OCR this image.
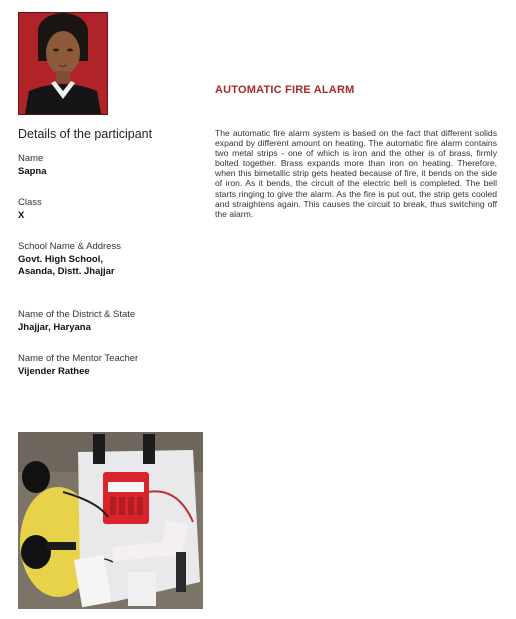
AUTOMATIC FIRE ALARM
Details of the participant
Name
Sapna
Class
X
School Name & Address
Govt. High School,
Asanda, Distt. Jhajjar
Name of the District & State
Jhajjar, Haryana
Name of the Mentor Teacher
Vijender Rathee
The automatic fire alarm system is based on the fact that different solids expand by different amount on heating. The automatic fire alarm contains two metal strips - one of which is iron and the other is of brass, firmly bolted together. Brass expands more than iron on heating. Therefore, when this bimetallic strip gets heated because of fire, it bends on the side of iron. As it bends, the circuit of the electric bell is completed. The bell starts ringing to give the alarm. As the fire is put out, the strip gets cooled and straightens again. This causes the circuit to break, thus switching off the alarm.
